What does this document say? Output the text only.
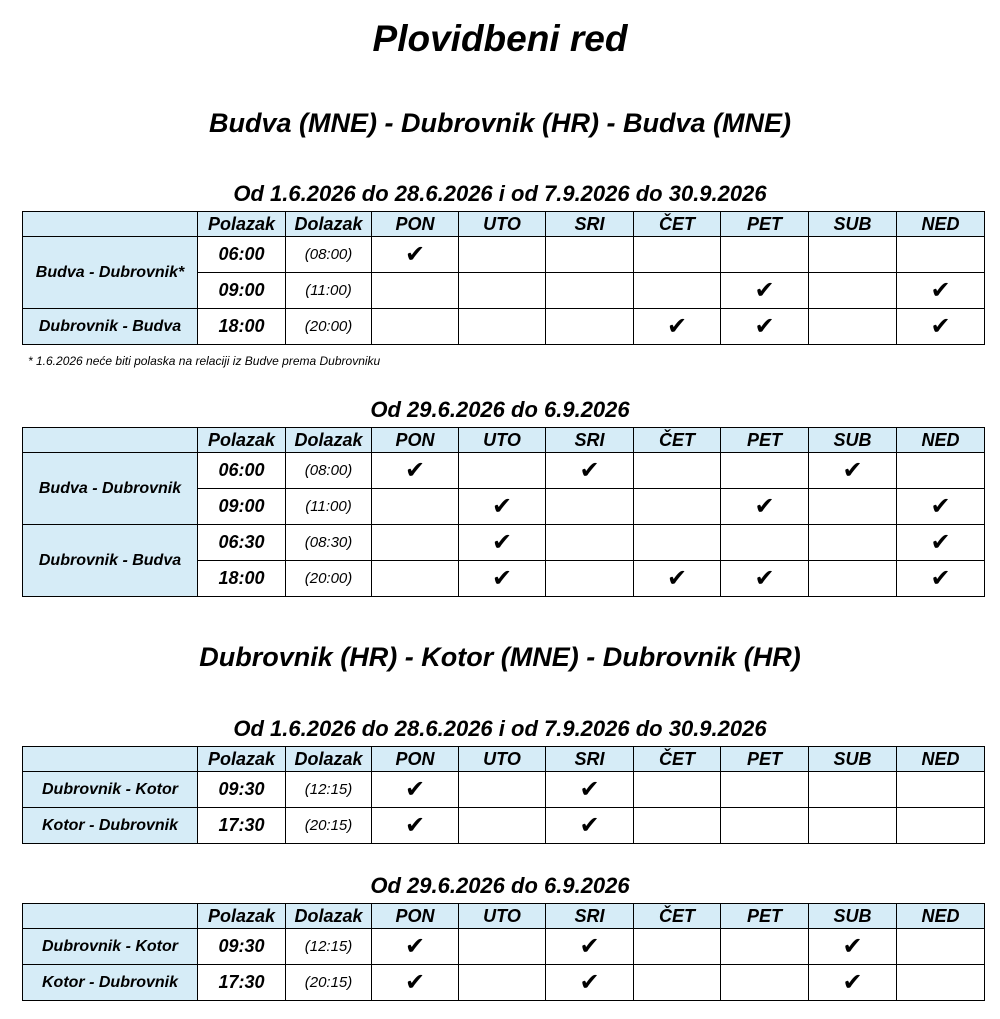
Plovidbeni red
Budva (MNE) - Dubrovnik (HR) - Budva (MNE)
Od 1.6.2026 do 28.6.2026 i od 7.9.2026 do 30.9.2026
	Polazak	Dolazak	PON	UTO	SRI	ČET	PET	SUB	NED
Budva - Dubrovnik*	06:00	(08:00)	✔						
	09:00	(11:00)					✔		✔
Dubrovnik - Budva	18:00	(20:00)				✔	✔		✔
* 1.6.2026 neće biti polaska na relaciji iz Budve prema Dubrovniku
Od 29.6.2026 do 6.9.2026
	Polazak	Dolazak	PON	UTO	SRI	ČET	PET	SUB	NED
Budva - Dubrovnik	06:00	(08:00)	✔		✔			✔	
	09:00	(11:00)		✔			✔		✔
Dubrovnik - Budva	06:30	(08:30)		✔					✔
	18:00	(20:00)		✔		✔	✔		✔
Dubrovnik (HR) - Kotor (MNE) - Dubrovnik (HR)
Od 1.6.2026 do 28.6.2026 i od 7.9.2026 do 30.9.2026
	Polazak	Dolazak	PON	UTO	SRI	ČET	PET	SUB	NED
Dubrovnik - Kotor	09:30	(12:15)	✔		✔				
Kotor - Dubrovnik	17:30	(20:15)	✔		✔				
Od 29.6.2026 do 6.9.2026
	Polazak	Dolazak	PON	UTO	SRI	ČET	PET	SUB	NED
Dubrovnik - Kotor	09:30	(12:15)	✔		✔			✔	
Kotor - Dubrovnik	17:30	(20:15)	✔		✔			✔	
